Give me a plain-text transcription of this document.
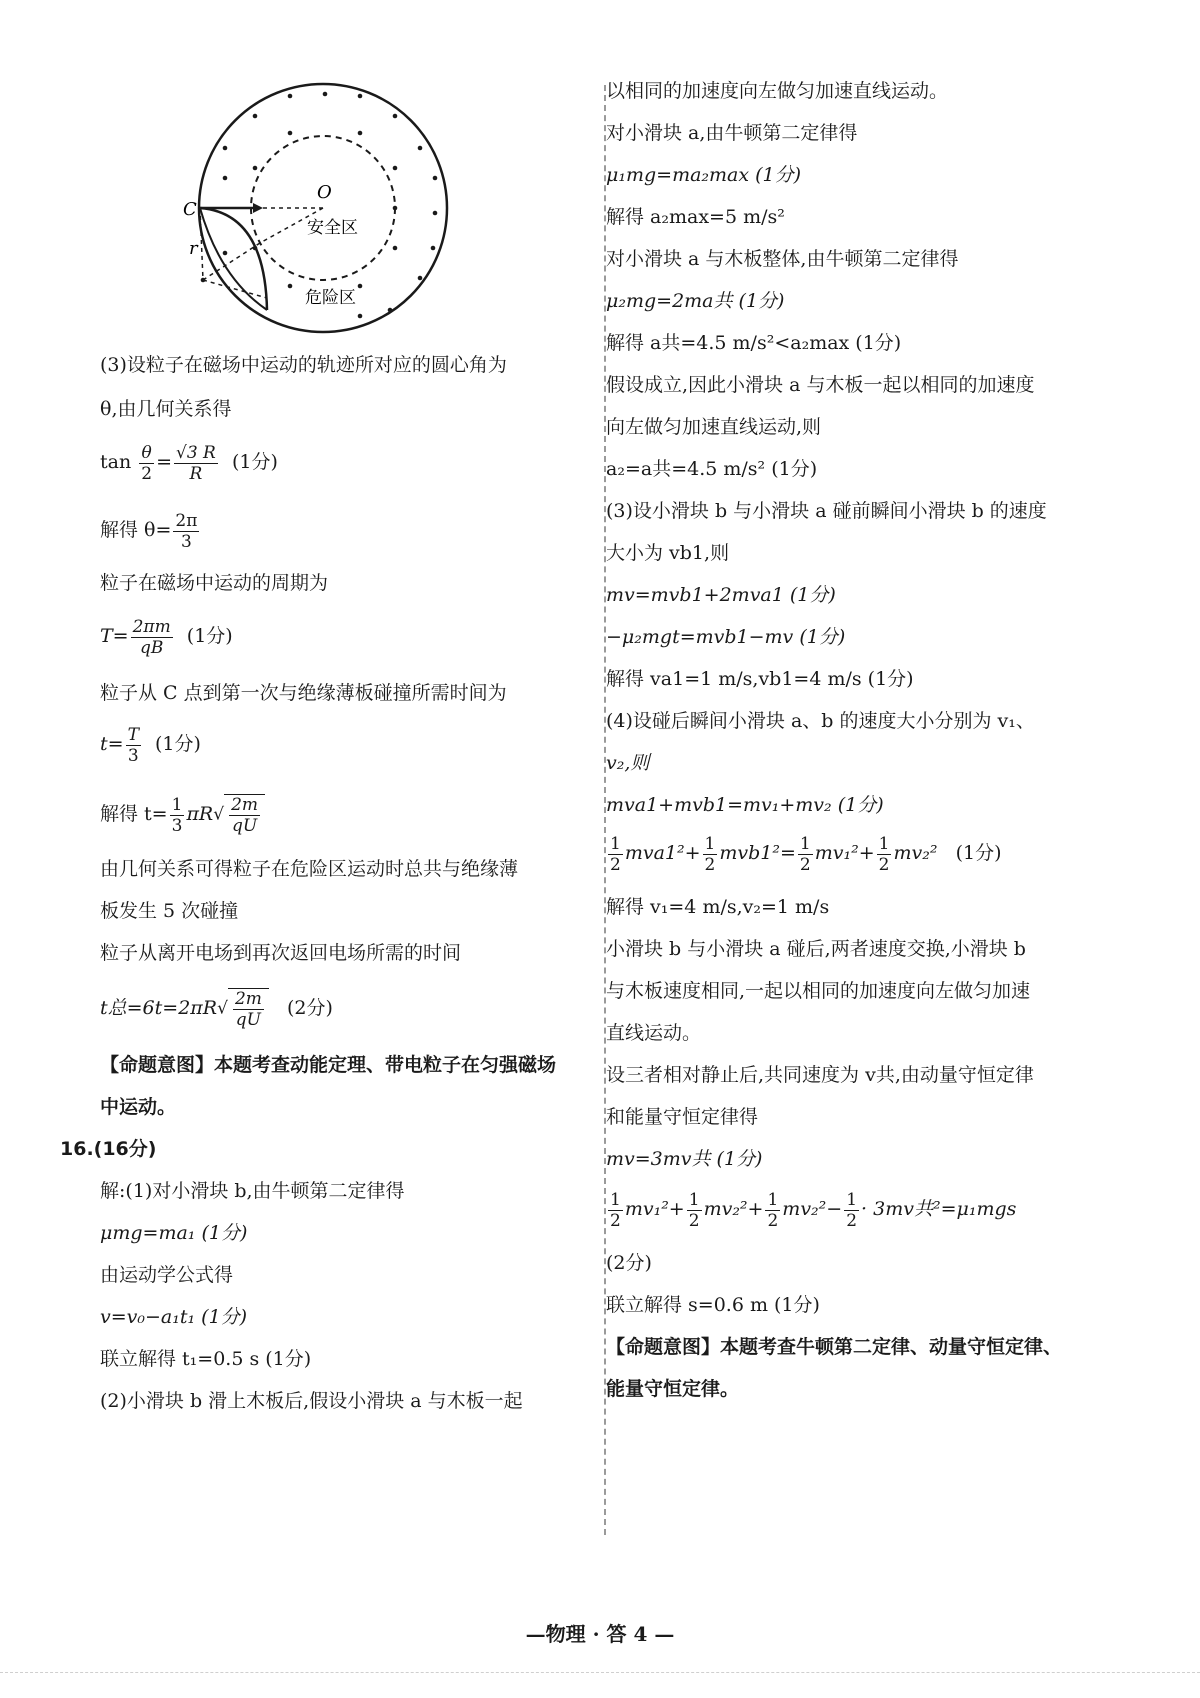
C
O
r
安全区
危险区
(3)设粒子在磁场中运动的轨迹所对应的圆心角为
θ,由几何关系得
$\tan \frac{\theta}{2} = \frac{√3 R}{R} (1$分)
解得 $\theta= \frac{2\pi}{3}$
粒子在磁场中运动的周期为
$T= \frac{2\pi m}{qB} (1$分)
粒子从 C 点到第一次与绝缘薄板碰撞所需时间为
$t= \frac{T}{3} (1$分)
解得 $t= \frac{1}{3} \pi R√ \frac{2m}{qU}$
由几何关系可得粒子在危险区运动时总共与绝缘薄
板发生 5 次碰撞
粒子从离开电场到再次返回电场所需的时间
t总$=6t=2\pi R√ \frac{2m}{qU} (2$分)
【命题意图】本题考查动能定理、带电粒子在匀强磁场
中运动。
16.(16分)
解:(1)对小滑块 b,由牛顿第二定律得
μmg=ma₁ (1分)
由运动学公式得
v=v₀−a₁t₁ (1分)
联立解得 t₁=0.5 s (1分)
(2)小滑块 b 滑上木板后,假设小滑块 a 与木板一起
以相同的加速度向左做匀加速直线运动。
对小滑块 a,由牛顿第二定律得
μ₁mg=ma₂max (1分)
解得 a₂max=5 m/s²
对小滑块 a 与木板整体,由牛顿第二定律得
μ₂mg=2ma共 (1分)
解得 a共=4.5 m/s²<a₂max (1分)
假设成立,因此小滑块 a 与木板一起以相同的加速度
向左做匀加速直线运动,则
a₂=a共=4.5 m/s² (1分)
(3)设小滑块 b 与小滑块 a 碰前瞬间小滑块 b 的速度
大小为 vb1,则
mv=mvb1+2mva1 (1分)
−μ₂mgt=mvb1−mv (1分)
解得 va1=1 m/s,vb1=4 m/s (1分)
(4)设碰后瞬间小滑块 a、b 的速度大小分别为 v₁、
v₂,则
mva1+mvb1=mv₁+mv₂ (1分)
$\frac{1}{2} mva1^2+ \frac{1}{2} mvb1^2= \frac{1}{2} mv_1^2+ \frac{1}{2} mv_2^2$ (1分)
解得 v₁=4 m/s,v₂=1 m/s
小滑块 b 与小滑块 a 碰后,两者速度交换,小滑块 b
与木板速度相同,一起以相同的加速度向左做匀加速
直线运动。
设三者相对静止后,共同速度为 v共,由动量守恒定律
和能量守恒定律得
mv=3mv共 (1分)
$\frac{1}{2} mv_1^2+ \frac{1}{2} mv_2^2+ \frac{1}{2} mv_2^2- \frac{1}{2} \cdot 3mv$共²=μ₁mgs
(2分)
联立解得 s=0.6 m (1分)
【命题意图】本题考查牛顿第二定律、动量守恒定律、
能量守恒定律。
—物理 · 答 4 —
